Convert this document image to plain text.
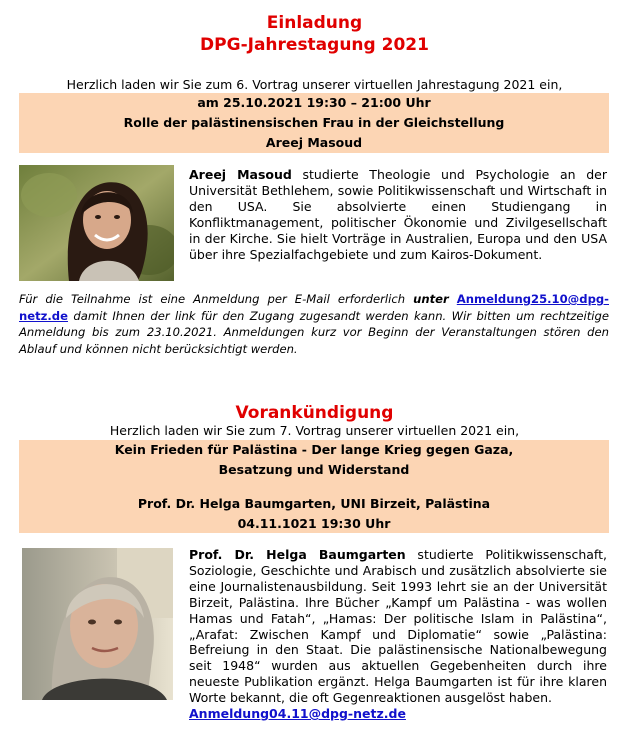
Einladung
DPG-Jahrestagung 2021
Herzlich laden wir Sie zum 6. Vortrag unserer virtuellen Jahrestagung 2021 ein,
am 25.10.2021 19:30 – 21:00 Uhr
Rolle der palästinensischen Frau in der Gleichstellung
Areej Masoud
Areej Masoud studierte Theologie und Psychologie an der Universität Bethlehem, sowie Politikwissenschaft und Wirtschaft in den USA. Sie absolvierte einen Studiengang in Konfliktmanagement, politischer Ökonomie und Zivilgesellschaft in der Kirche. Sie hielt Vorträge in Australien, Europa und den USA über ihre Spezialfachgebiete und zum Kairos-Dokument.
Für die Teilnahme ist eine Anmeldung per E-Mail erforderlich unter Anmeldung25.10@dpg-netz.de damit Ihnen der link für den Zugang zugesandt werden kann. Wir bitten um rechtzeitige Anmeldung bis zum 23.10.2021. Anmeldungen kurz vor Beginn der Veranstaltungen stören den Ablauf und können nicht berücksichtigt werden.
Vorankündigung
Herzlich laden wir Sie zum 7. Vortrag unserer virtuellen 2021 ein,
Kein Frieden für Palästina - Der lange Krieg gegen Gaza,
Besatzung und Widerstand
Prof. Dr. Helga Baumgarten, UNI Birzeit, Palästina
04.11.1021 19:30 Uhr
Prof. Dr. Helga Baumgarten studierte Politikwissenschaft, Soziologie, Geschichte und Arabisch und zusätzlich absolvierte sie eine Journalistenausbildung. Seit 1993 lehrt sie an der Universität Birzeit, Palästina. Ihre Bücher „Kampf um Palästina - was wollen Hamas und Fatah“, „Hamas: Der politische Islam in Palästina“, „Arafat: Zwischen Kampf und Diplomatie“ sowie „Palästina: Befreiung in den Staat. Die palästinensische Nationalbewegung seit 1948“ wurden aus aktuellen Gegebenheiten durch ihre neueste Publikation ergänzt. Helga Baumgarten ist für ihre klaren Worte bekannt, die oft Gegenreaktionen ausgelöst haben.
Anmeldung04.11@dpg-netz.de
